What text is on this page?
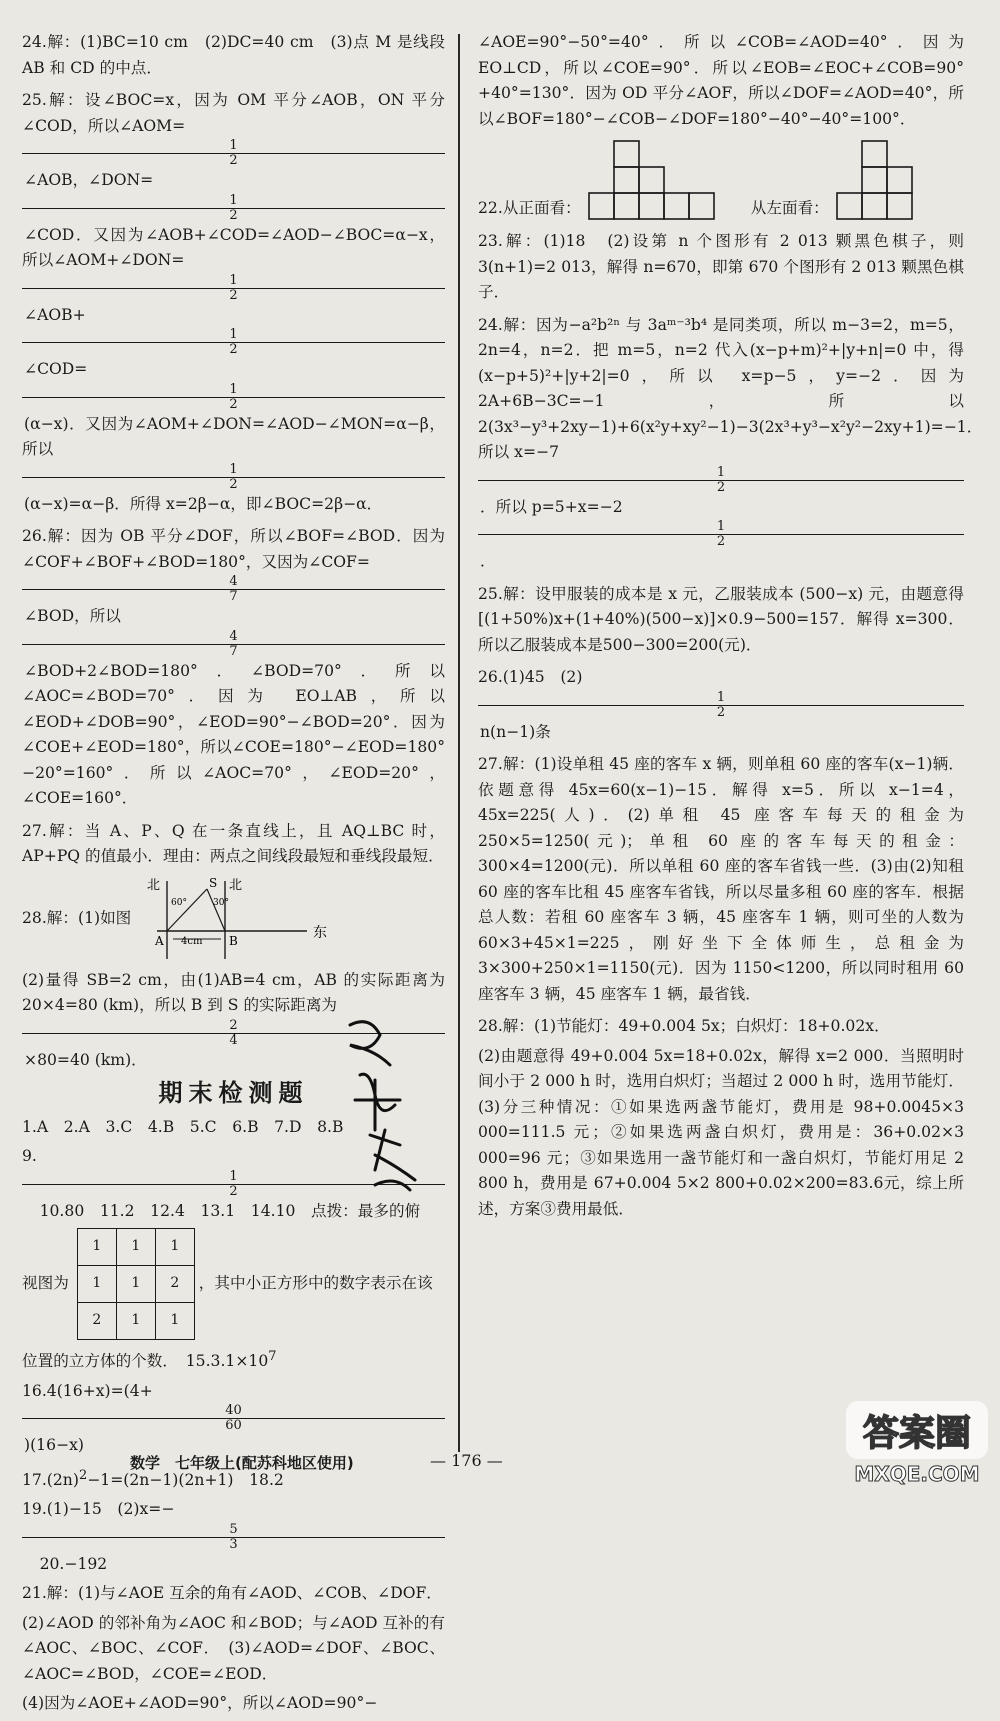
24.解：(1)BC=10 cm　(2)DC=40 cm　(3)点 M 是线段 AB 和 CD 的中点．

25.解：设∠BOC=x，因为 OM 平分∠AOB，ON 平分∠COD，所以∠AOM=
1
2
∠AOB，∠DON=
1
2
∠COD．又因为∠AOB+∠COD=∠AOD−∠BOC=α−x，所以∠AOM+∠DON=
1
2
∠AOB+
1
2
∠COD=
1
2
(α−x)．又因为∠AOM+∠DON=∠AOD−∠MON=α−β，所以
1
2
(α−x)=α−β．所得 x=2β−α，即∠BOC=2β−α．

26.解：因为 OB 平分∠DOF，所以∠BOF=∠BOD．因为∠COF+∠BOF+∠BOD=180°，又因为∠COF=
4
7
∠BOD，所以
4
7
∠BOD+2∠BOD=180°．∠BOD=70°．所以∠AOC=∠BOD=70°．因为 EO⊥AB，所以∠EOD+∠DOB=90°，∠EOD=90°−∠BOD=20°．因为∠COE+∠EOD=180°，所以∠COE=180°−∠EOD=180°−20°=160°．所以∠AOC=70°，∠EOD=20°，∠COE=160°．

27.解：当 A、P、Q 在一条直线上，且 AQ⊥BC 时，AP+PQ 的值最小．理由：两点之间线段最短和垂线段最短．

28.解：(1)如图
北	北
S
60°	30°
A	B
4cm
东

(2)量得 SB=2 cm，由(1)AB=4 cm，AB 的实际距离为 20×4=80 (km)，所以 B 到 S 的实际距离为
2
4
×80=40 (km)．

期末检测题

1.A　2.A　3.C　4.B　5.C　6.B　7.D　8.B

9.
1
2
　10.80　11.2　12.4　13.1　14.10　点拨：最多的俯

视图为
1	1	1
1	1	2
2	1	1
，其中小正方形中的数字表示在该

位置的立方体的个数．　$15.3.1\times 10^7$

16.4(16+x)=(4+
40
60
)(16−x)

$17.(2n)^2-1=(2n-1)(2n+1)$　18.2

19.(1)−15　(2)x=−
5
3
　20.−192

21.解：(1)与∠AOE 互余的角有∠AOD、∠COB、∠DOF．

(2)∠AOD 的邻补角为∠AOC 和∠BOD；与∠AOD 互补的有∠AOC、∠BOC、∠COF．　(3)∠AOD=∠DOF、∠BOC、∠AOC=∠BOD，∠COE=∠EOD．

(4)因为∠AOE+∠AOD=90°，所以∠AOD=90°−

∠AOE=90°−50°=40°．所以∠COB=∠AOD=40°．因为 EO⊥CD，所以∠COE=90°．所以∠EOB=∠EOC+∠COB=90°+40°=130°．因为 OD 平分∠AOF，所以∠DOF=∠AOD=40°，所以∠BOF=180°−∠COB−∠DOF=180°−40°−40°=100°．

22.从正面看：	从左面看：

23.解：(1)18　(2)设第 n 个图形有 2 013 颗黑色棋子，则 3(n+1)=2 013，解得 n=670，即第 670 个图形有 2 013 颗黑色棋子．

24.解：因为−a²b²ⁿ 与 3aᵐ⁻³b⁴ 是同类项，所以 m−3=2，m=5，2n=4，n=2．把 m=5，n=2 代入(x−p+m)²+|y+n|=0 中，得(x−p+5)²+|y+2|=0，所以 x=p−5，y=−2．因为 2A+6B−3C=−1，所以 2(3x³−y³+2xy−1)+6(x²y+xy²−1)−3(2x³+y³−x²y²−2xy+1)=−1．所以 x=−7
1
2
．所以 p=5+x=−2
1
2
．

25.解：设甲服装的成本是 x 元，乙服装成本 (500−x) 元，由题意得[(1+50%)x+(1+40%)(500−x)]×0.9−500=157．解得 x=300．所以乙服装成本是500−300=200(元)．

26.(1)45　(2)
1
2
n(n−1)条

27.解：(1)设单租 45 座的客车 x 辆，则单租 60 座的客车(x−1)辆．依题意得 45x=60(x−1)−15．解得 x=5．所以 x−1=4，45x=225(人)．(2)单租 45 座客车每天的租金为 250×5=1250(元)；单租 60 座的客车每天的租金：300×4=1200(元)．所以单租 60 座的客车省钱一些．(3)由(2)知租 60 座的客车比租 45 座客车省钱，所以尽量多租 60 座的客车．根据总人数：若租 60 座客车 3 辆，45 座客车 1 辆，则可坐的人数为 60×3+45×1=225，刚好坐下全体师生，总租金为 3×300+250×1=1150(元)．因为 1150<1200，所以同时租用 60 座客车 3 辆，45 座客车 1 辆，最省钱．

28.解：(1)节能灯：49+0.004 5x；白炽灯：18+0.02x．

(2)由题意得 49+0.004 5x=18+0.02x，解得 x=2 000．当照明时间小于 2 000 h 时，选用白炽灯；当超过 2 000 h 时，选用节能灯．(3)分三种情况：①如果选两盏节能灯，费用是 98+0.0045×3 000=111.5 元；②如果选两盏白炽灯，费用是：36+0.02×3 000=96 元；③如果选用一盏节能灯和一盏白炽灯，节能灯用足 2 800 h，费用是 67+0.004 5×2 800+0.02×200=83.6元，综上所述，方案③费用最低．

数学　七年级上(配苏科地区使用)	— 176 —
答案圈
MXQE.COM
